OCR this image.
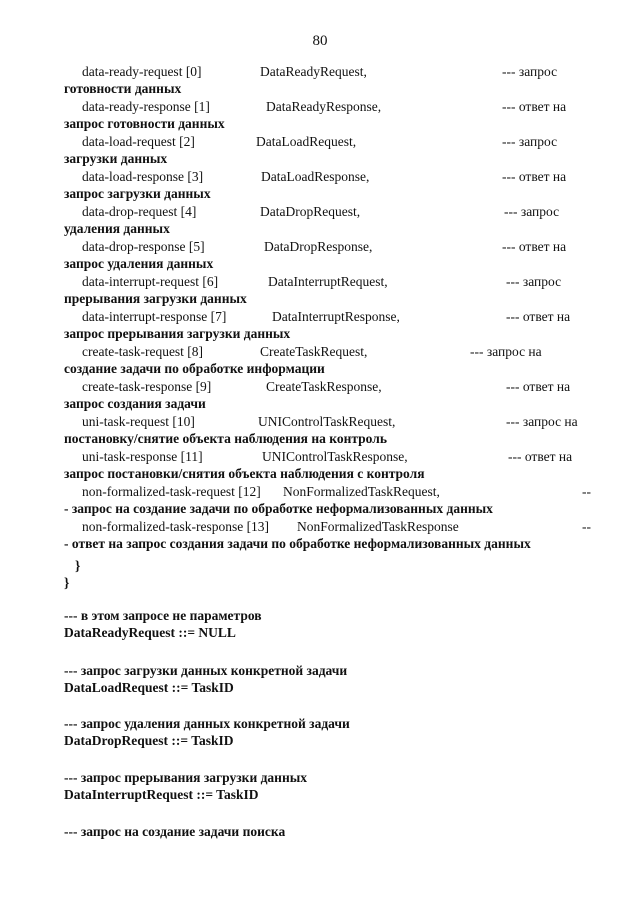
80
data-ready-request [0]	DataReadyRequest,	--- запрос
готовности данных
data-ready-response [1]	DataReadyResponse,	--- ответ на
запрос готовности данных
data-load-request [2]	DataLoadRequest,	--- запрос
загрузки данных
data-load-response [3]	DataLoadResponse,	--- ответ на
запрос загрузки данных
data-drop-request [4]	DataDropRequest,	--- запрос
удаления данных
data-drop-response [5]	DataDropResponse,	--- ответ на
запрос удаления данных
data-interrupt-request [6]	DataInterruptRequest,	--- запрос
прерывания загрузки данных
data-interrupt-response [7]	DataInterruptResponse,	--- ответ на
запрос прерывания загрузки данных
create-task-request [8]	CreateTaskRequest,	--- запрос на
создание задачи по обработке информации
create-task-response [9]	CreateTaskResponse,	--- ответ на
запрос создания задачи
uni-task-request [10]	UNIControlTaskRequest,	--- запрос на
постановку/снятие объекта наблюдения на контроль
uni-task-response [11]	UNIControlTaskResponse,	--- ответ на
запрос постановки/снятия объекта наблюдения с контроля
non-formalized-task-request [12] NonFormalizedTaskRequest,	--
- запрос на создание задачи по обработке неформализованных данных
non-formalized-task-response [13] NonFormalizedTaskResponse	--
- ответ на запрос создания задачи по обработке неформализованных данных
}
}
--- в этом запросе не параметров
DataReadyRequest ::= NULL
--- запрос загрузки данных конкретной задачи
DataLoadRequest ::= TaskID
--- запрос удаления данных конкретной задачи
DataDropRequest ::= TaskID
--- запрос прерывания загрузки данных
DataInterruptRequest ::= TaskID
--- запрос на создание задачи поиска
